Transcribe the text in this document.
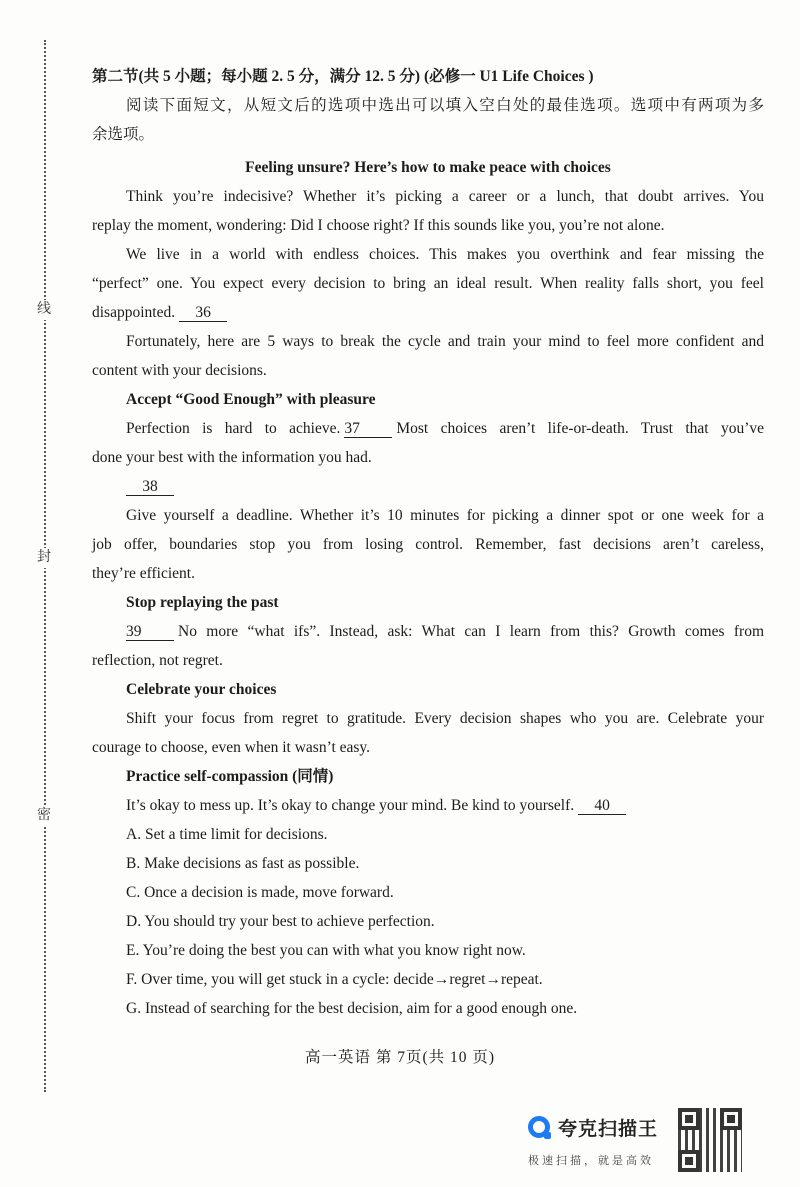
线
封
密
第二节(共 5 小题；每小题 2. 5 分，满分 12. 5 分) (必修一 U1 Life Choices )
阅读下面短文，从短文后的选项中选出可以填入空白处的最佳选项。选项中有两项为多
余选项。
Feeling unsure? Here’s how to make peace with choices
Think you’re indecisive? Whether it’s picking a career or a lunch, that doubt arrives. You
replay the moment, wondering: Did I choose right? If this sounds like you, you’re not alone.
We live in a world with endless choices. This makes you overthink and fear missing the
“perfect” one. You expect every decision to bring an ideal result. When reality falls short, you feel
disappointed. 36
Fortunately, here are 5 ways to break the cycle and train your mind to feel more confident and
content with your decisions.
Accept “Good Enough” with pleasure
Perfection is hard to achieve. 37 Most choices aren’t life-or-death. Trust that you’ve
done your best with the information you had.
38
Give yourself a deadline. Whether it’s 10 minutes for picking a dinner spot or one week for a
job offer, boundaries stop you from losing control. Remember, fast decisions aren’t careless,
they’re efficient.
Stop replaying the past
39 No more “what ifs”. Instead, ask: What can I learn from this? Growth comes from
reflection, not regret.
Celebrate your choices
Shift your focus from regret to gratitude. Every decision shapes who you are. Celebrate your
courage to choose, even when it wasn’t easy.
Practice self-compassion (同情)
It’s okay to mess up. It’s okay to change your mind. Be kind to yourself. 40
A. Set a time limit for decisions.
B. Make decisions as fast as possible.
C. Once a decision is made, move forward.
D. You should try your best to achieve perfection.
E. You’re doing the best you can with what you know right now.
F. Over time, you will get stuck in a cycle: decide→regret→repeat.
G. Instead of searching for the best decision, aim for a good enough one.
高一英语 第 7页(共 10 页)
夸克扫描王
极速扫描，就是高效
